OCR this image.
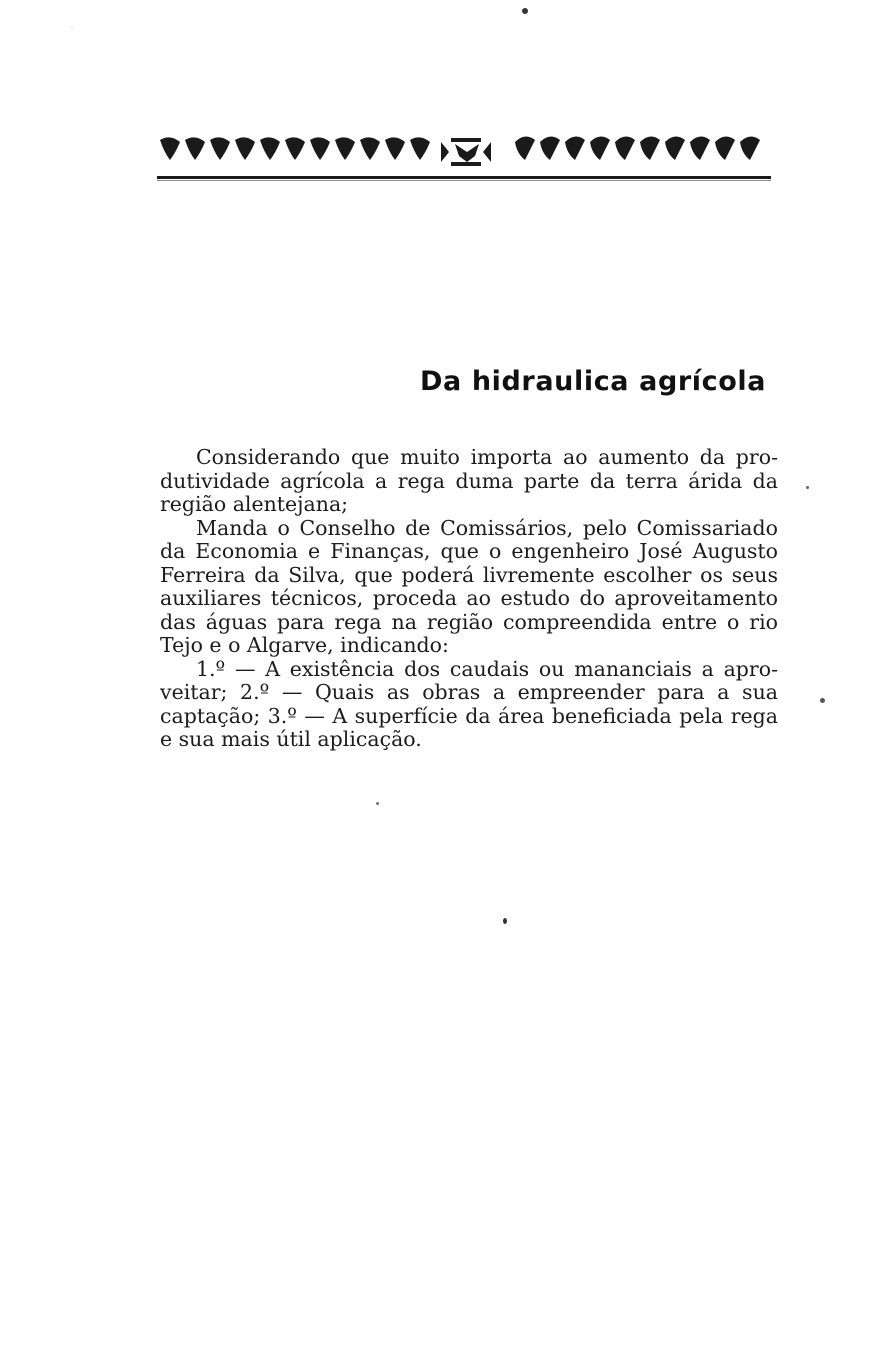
Da hidraulica agrícola
Considerando que muito importa ao aumento da pro-
dutividade agrícola a rega duma parte da terra árida da
região alentejana;
Manda o Conselho de Comissários, pelo Comissariado
da Economia e Finanças, que o engenheiro José Augusto
Ferreira da Silva, que poderá livremente escolher os seus
auxiliares técnicos, proceda ao estudo do aproveitamento
das águas para rega na região compreendida entre o rio
Tejo e o Algarve, indicando:
1.º — A existência dos caudais ou mananciais a apro-
veitar; 2.º — Quais as obras a empreender para a sua
captação; 3.º — A superfície da área beneficiada pela rega
e sua mais útil aplicação.
